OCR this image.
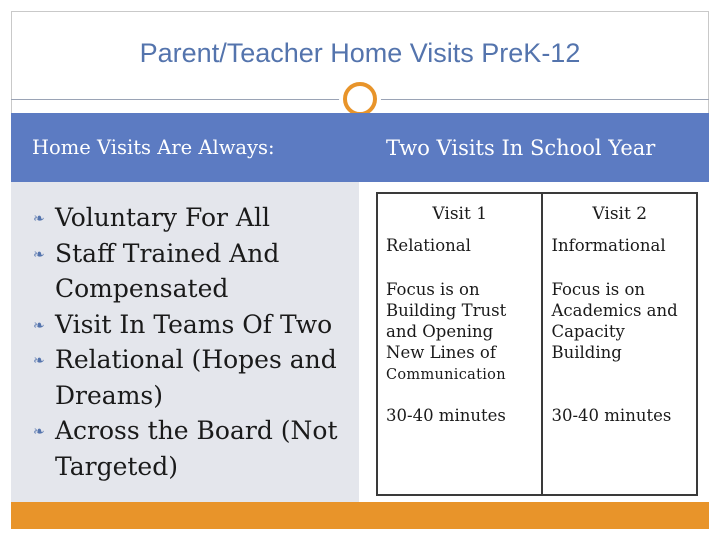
Parent/Teacher Home Visits PreK-12
Home Visits Are Always:	Two Visits In School Year
❧ Voluntary For All
❧ Staff Trained And Compensated
❧ Visit In Teams Of Two
❧ Relational (Hopes and Dreams)
❧ Across the Board (Not Targeted)
Visit 1	Visit 2
Relational	Informational
Focus is on Building Trust and Opening New Lines of
Communication	Focus is on Academics and Capacity Building
30-40 minutes	30-40 minutes
